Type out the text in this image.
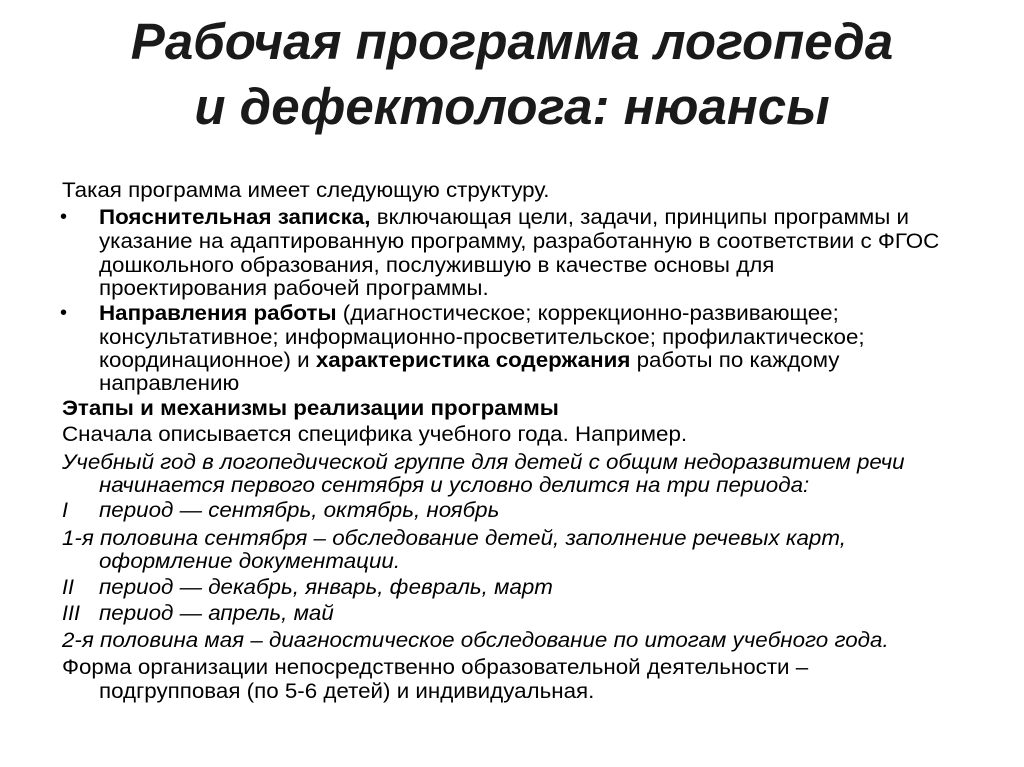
Рабочая программа логопеда
и дефектолога: нюансы
Такая программа имеет следующую структуру.
• Пояснительная записка, включающая цели, задачи, принципы программы и
указание на адаптированную программу, разработанную в соответствии с ФГОС
дошкольного образования, послужившую в качестве основы для
проектирования рабочей программы.
• Направления работы (диагностическое; коррекционно-развивающее;
консультативное; информационно-просветительское; профилактическое;
координационное) и характеристика содержания работы по каждому
направлению
Этапы и механизмы реализации программы
Сначала описывается специфика учебного года. Например.
Учебный год в логопедической группе для детей с общим недоразвитием речи
начинается первого сентября и условно делится на три периода:
I период — сентябрь, октябрь, ноябрь
1-я половина сентября – обследование детей, заполнение речевых карт,
оформление документации.
II период — декабрь, январь, февраль, март
III период — апрель, май
2-я половина мая – диагностическое обследование по итогам учебного года.
Форма организации непосредственно образовательной деятельности –
подгрупповая (по 5-6 детей) и индивидуальная.
